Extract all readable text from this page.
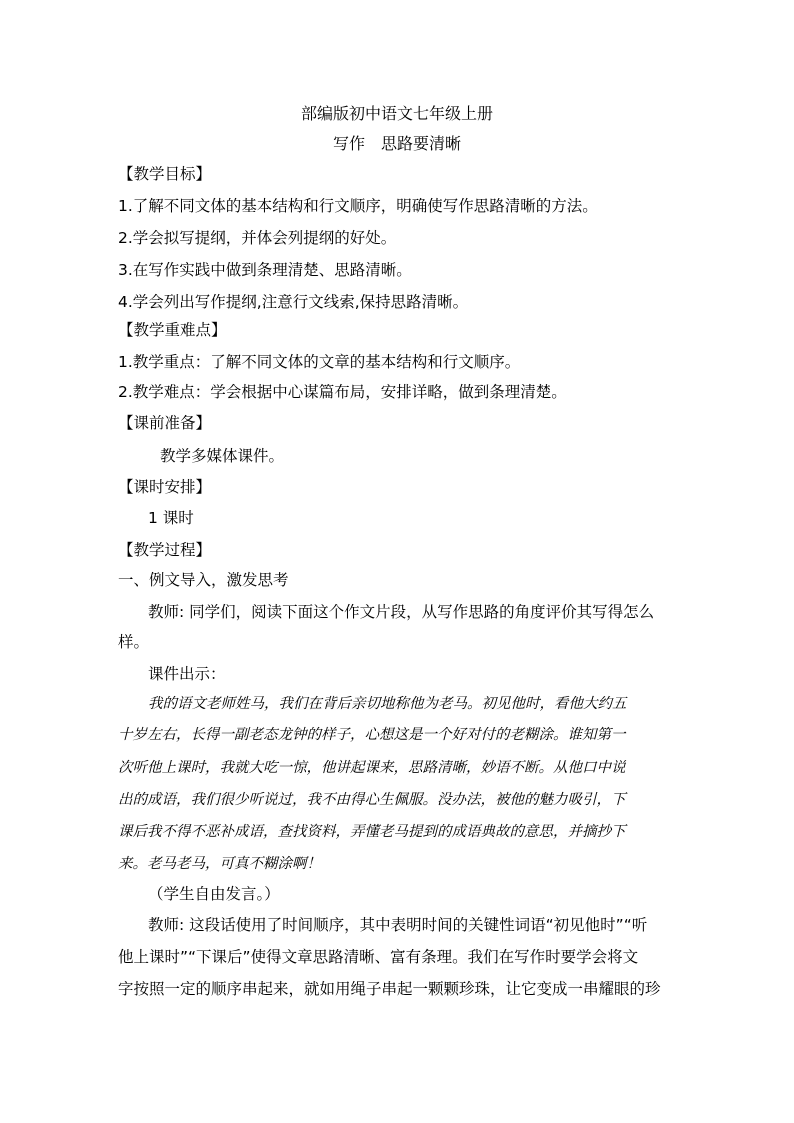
部编版初中语文七年级上册
写作　思路要清晰
【教学目标】
1.了解不同文体的基本结构和行文顺序，明确使写作思路清晰的方法。
2.学会拟写提纲，并体会列提纲的好处。
3.在写作实践中做到条理清楚、思路清晰。
4.学会列出写作提纲,注意行文线索,保持思路清晰。
【教学重难点】
1.教学重点：了解不同文体的文章的基本结构和行文顺序。
2.教学难点：学会根据中心谋篇布局，安排详略，做到条理清楚。
【课前准备】
教学多媒体课件。
【课时安排】
1 课时
【教学过程】
一、例文导入，激发思考
教师: 同学们，阅读下面这个作文片段，从写作思路的角度评价其写得怎么
样。
课件出示：
我的语文老师姓马，我们在背后亲切地称他为老马。初见他时，看他大约五
十岁左右，长得一副老态龙钟的样子，心想这是一个好对付的老糊涂。谁知第一
次听他上课时，我就大吃一惊，他讲起课来，思路清晰，妙语不断。从他口中说
出的成语，我们很少听说过，我不由得心生佩服。没办法，被他的魅力吸引，下
课后我不得不恶补成语，查找资料，弄懂老马提到的成语典故的意思，并摘抄下
来。老马老马，可真不糊涂啊！
（学生自由发言。）
教师: 这段话使用了时间顺序，其中表明时间的关键性词语“初见他时”“听
他上课时”“下课后”使得文章思路清晰、富有条理。我们在写作时要学会将文
字按照一定的顺序串起来，就如用绳子串起一颗颗珍珠，让它变成一串耀眼的珍
